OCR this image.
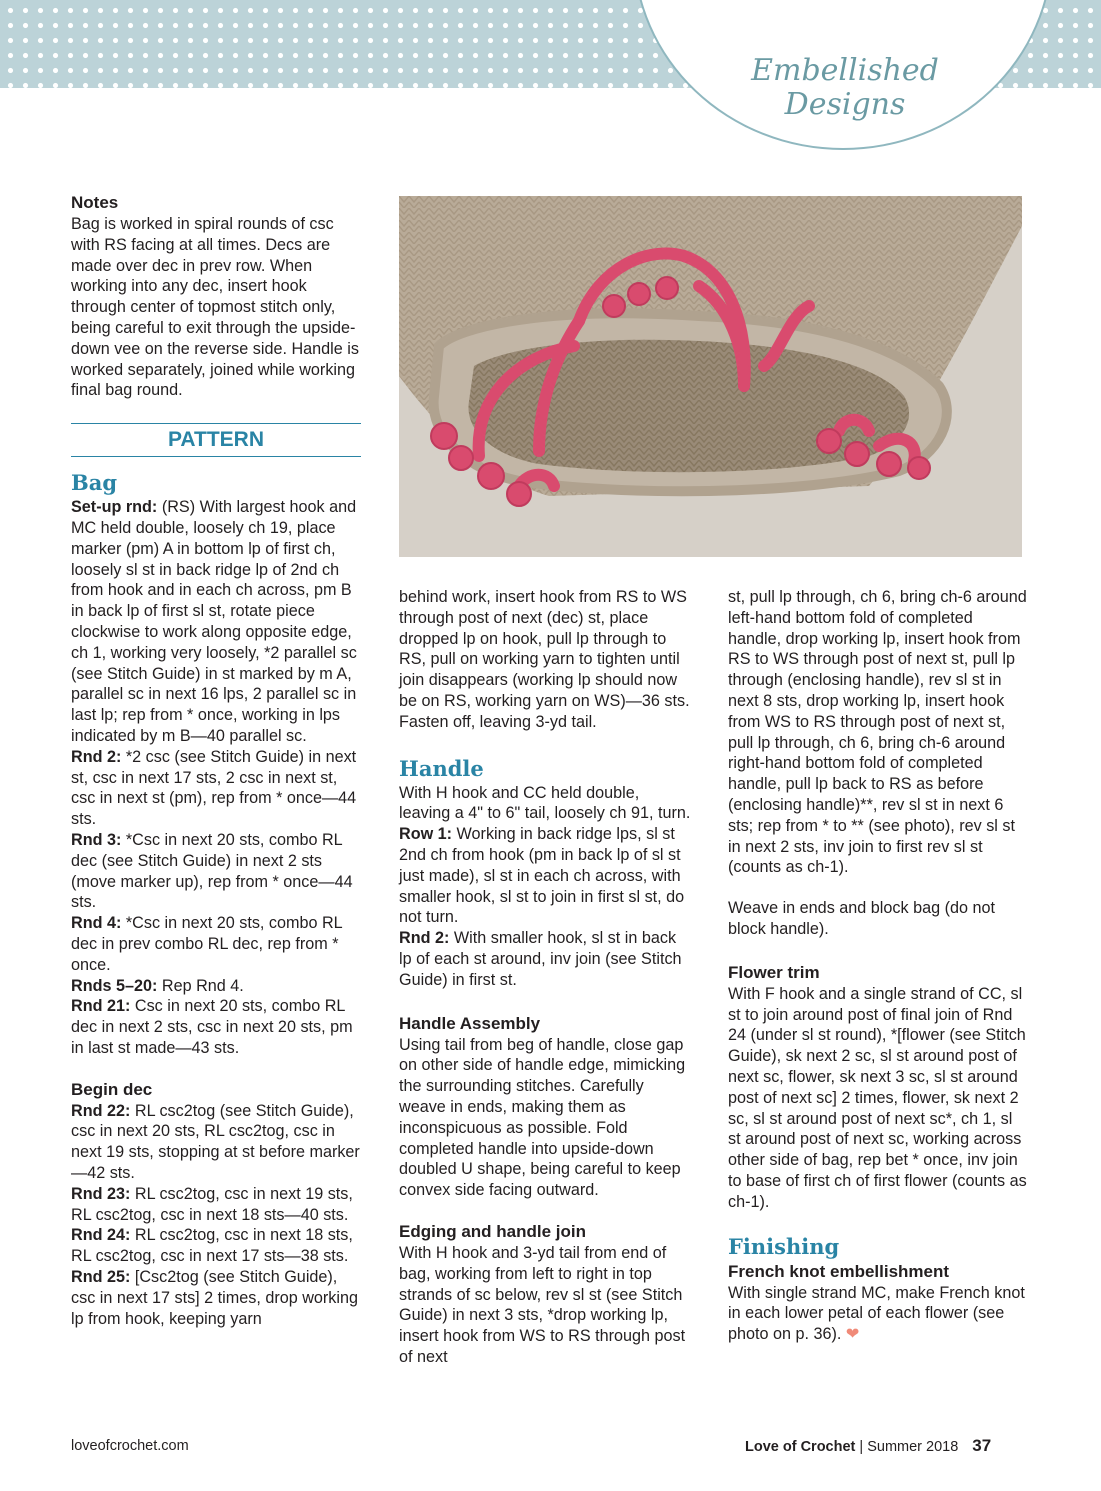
Embellished
Designs

Notes

Bag is worked in spiral rounds of csc with RS facing at all times. Decs are made over dec in prev row. When working into any dec, insert hook through center of topmost stitch only, being careful to exit through the upside-down vee on the reverse side. Handle is worked separately, joined while working final bag round.

PATTERN

Bag

Set-up rnd: (RS) With largest hook and MC held double, loosely ch 19, place marker (pm) A in bottom lp of first ch, loosely sl st in back ridge lp of 2nd ch from hook and in each ch across, pm B in back lp of first sl st, rotate piece clockwise to work along opposite edge, ch 1, working very loosely, *2 parallel sc (see Stitch Guide) in st marked by m A, parallel sc in next 16 lps, 2 parallel sc in last lp; rep from * once, working in lps indicated by m B—40 parallel sc.

Rnd 2: *2 csc (see Stitch Guide) in next st, csc in next 17 sts, 2 csc in next st, csc in next st (pm), rep from * once—44 sts.

Rnd 3: *Csc in next 20 sts, combo RL dec (see Stitch Guide) in next 2 sts (move marker up), rep from * once—44 sts.

Rnd 4: *Csc in next 20 sts, combo RL dec in prev combo RL dec, rep from * once.

Rnds 5–20: Rep Rnd 4.

Rnd 21: Csc in next 20 sts, combo RL dec in next 2 sts, csc in next 20 sts, pm in last st made—43 sts.

Begin dec

Rnd 22: RL csc2tog (see Stitch Guide), csc in next 20 sts, RL csc2tog, csc in next 19 sts, stopping at st before marker—42 sts.

Rnd 23: RL csc2tog, csc in next 19 sts, RL csc2tog, csc in next 18 sts—40 sts.

Rnd 24: RL csc2tog, csc in next 18 sts, RL csc2tog, csc in next 17 sts—38 sts.

Rnd 25: [Csc2tog (see Stitch Guide), csc in next 17 sts] 2 times, drop working lp from hook, keeping yarn

behind work, insert hook from RS to WS through post of next (dec) st, place dropped lp on hook, pull lp through to RS, pull on working yarn to tighten until join disappears (working lp should now be on RS, working yarn on WS)—36 sts. Fasten off, leaving 3-yd tail.

Handle

With H hook and CC held double, leaving a 4" to 6" tail, loosely ch 91, turn.

Row 1: Working in back ridge lps, sl st 2nd ch from hook (pm in back lp of sl st just made), sl st in each ch across, with smaller hook, sl st to join in first sl st, do not turn.

Rnd 2: With smaller hook, sl st in back lp of each st around, inv join (see Stitch Guide) in first st.

Handle Assembly

Using tail from beg of handle, close gap on other side of handle edge, mimicking the surrounding stitches. Carefully weave in ends, making them as inconspicuous as possible. Fold completed handle into upside-down doubled U shape, being careful to keep convex side facing outward.

Edging and handle join

With H hook and 3-yd tail from end of bag, working from left to right in top strands of sc below, rev sl st (see Stitch Guide) in next 3 sts, *drop working lp, insert hook from WS to RS through post of next

st, pull lp through, ch 6, bring ch-6 around left-hand bottom fold of completed handle, drop working lp, insert hook from RS to WS through post of next st, pull lp through (enclosing handle), rev sl st in next 8 sts, drop working lp, insert hook from WS to RS through post of next st, pull lp through, ch 6, bring ch-6 around right-hand bottom fold of completed handle, pull lp back to RS as before (enclosing handle)**, rev sl st in next 6 sts; rep from * to ** (see photo), rev sl st in next 2 sts, inv join to first rev sl st (counts as ch-1).

Weave in ends and block bag (do not block handle).

Flower trim

With F hook and a single strand of CC, sl st to join around post of final join of Rnd 24 (under sl st round), *[flower (see Stitch Guide), sk next 2 sc, sl st around post of next sc, flower, sk next 3 sc, sl st around post of next sc] 2 times, flower, sk next 2 sc, sl st around post of next sc*, ch 1, sl st around post of next sc, working across other side of bag, rep bet * once, inv join to base of first ch of first flower (counts as ch-1).

Finishing

French knot embellishment

With single strand MC, make French knot in each lower petal of each flower (see photo on p. 36). ❤

loveofcrochet.com	Love of Crochet | Summer 2018 37
